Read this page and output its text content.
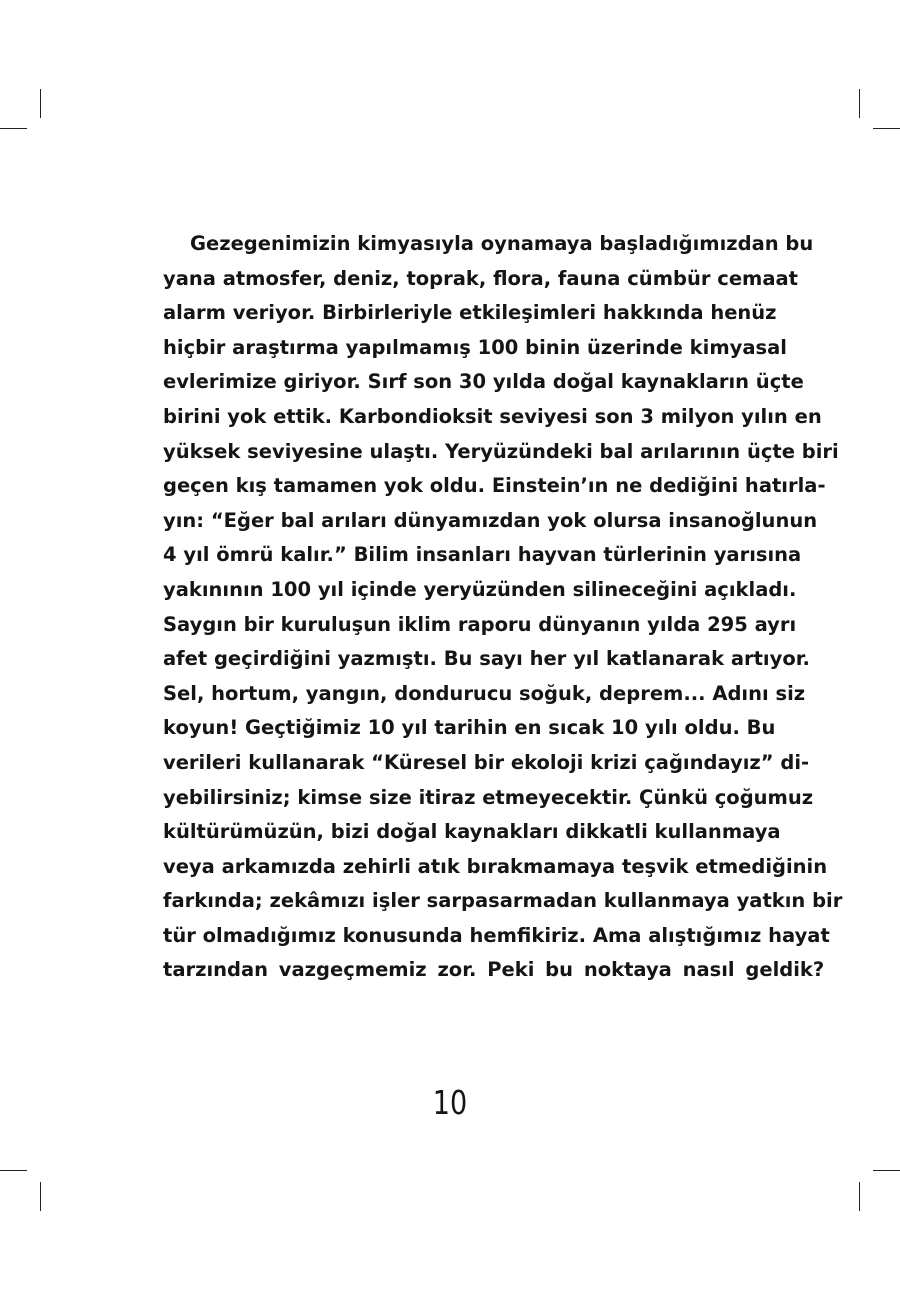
Gezegenimizin kimyasıyla oynamaya başladığımızdan bu
yana atmosfer, deniz, toprak, flora, fauna cümbür cemaat
alarm veriyor. Birbirleriyle etkileşimleri hakkında henüz
hiçbir araştırma yapılmamış 100 binin üzerinde kimyasal
evlerimize giriyor. Sırf son 30 yılda doğal kaynakların üçte
birini yok ettik. Karbondioksit seviyesi son 3 milyon yılın en
yüksek seviyesine ulaştı. Yeryüzündeki bal arılarının üçte biri
geçen kış tamamen yok oldu. Einstein’ın ne dediğini hatırla-
yın: “Eğer bal arıları dünyamızdan yok olursa insanoğlunun
4 yıl ömrü kalır.” Bilim insanları hayvan türlerinin yarısına
yakınının 100 yıl içinde yeryüzünden silineceğini açıkladı.
Saygın bir kuruluşun iklim raporu dünyanın yılda 295 ayrı
afet geçirdiğini yazmıştı. Bu sayı her yıl katlanarak artıyor.
Sel, hortum, yangın, dondurucu soğuk, deprem... Adını siz
koyun! Geçtiğimiz 10 yıl tarihin en sıcak 10 yılı oldu. Bu
verileri kullanarak “Küresel bir ekoloji krizi çağındayız” di-
yebilirsiniz; kimse size itiraz etmeyecektir. Çünkü çoğumuz
kültürümüzün, bizi doğal kaynakları dikkatli kullanmaya
veya arkamızda zehirli atık bırakmamaya teşvik etmediğinin
farkında; zekâmızı işler sarpasarmadan kullanmaya yatkın bir
tür olmadığımız konusunda hemfikiriz. Ama alıştığımız hayat
tarzından vazgeçmemiz zor. Peki bu noktaya nasıl geldik?
10
